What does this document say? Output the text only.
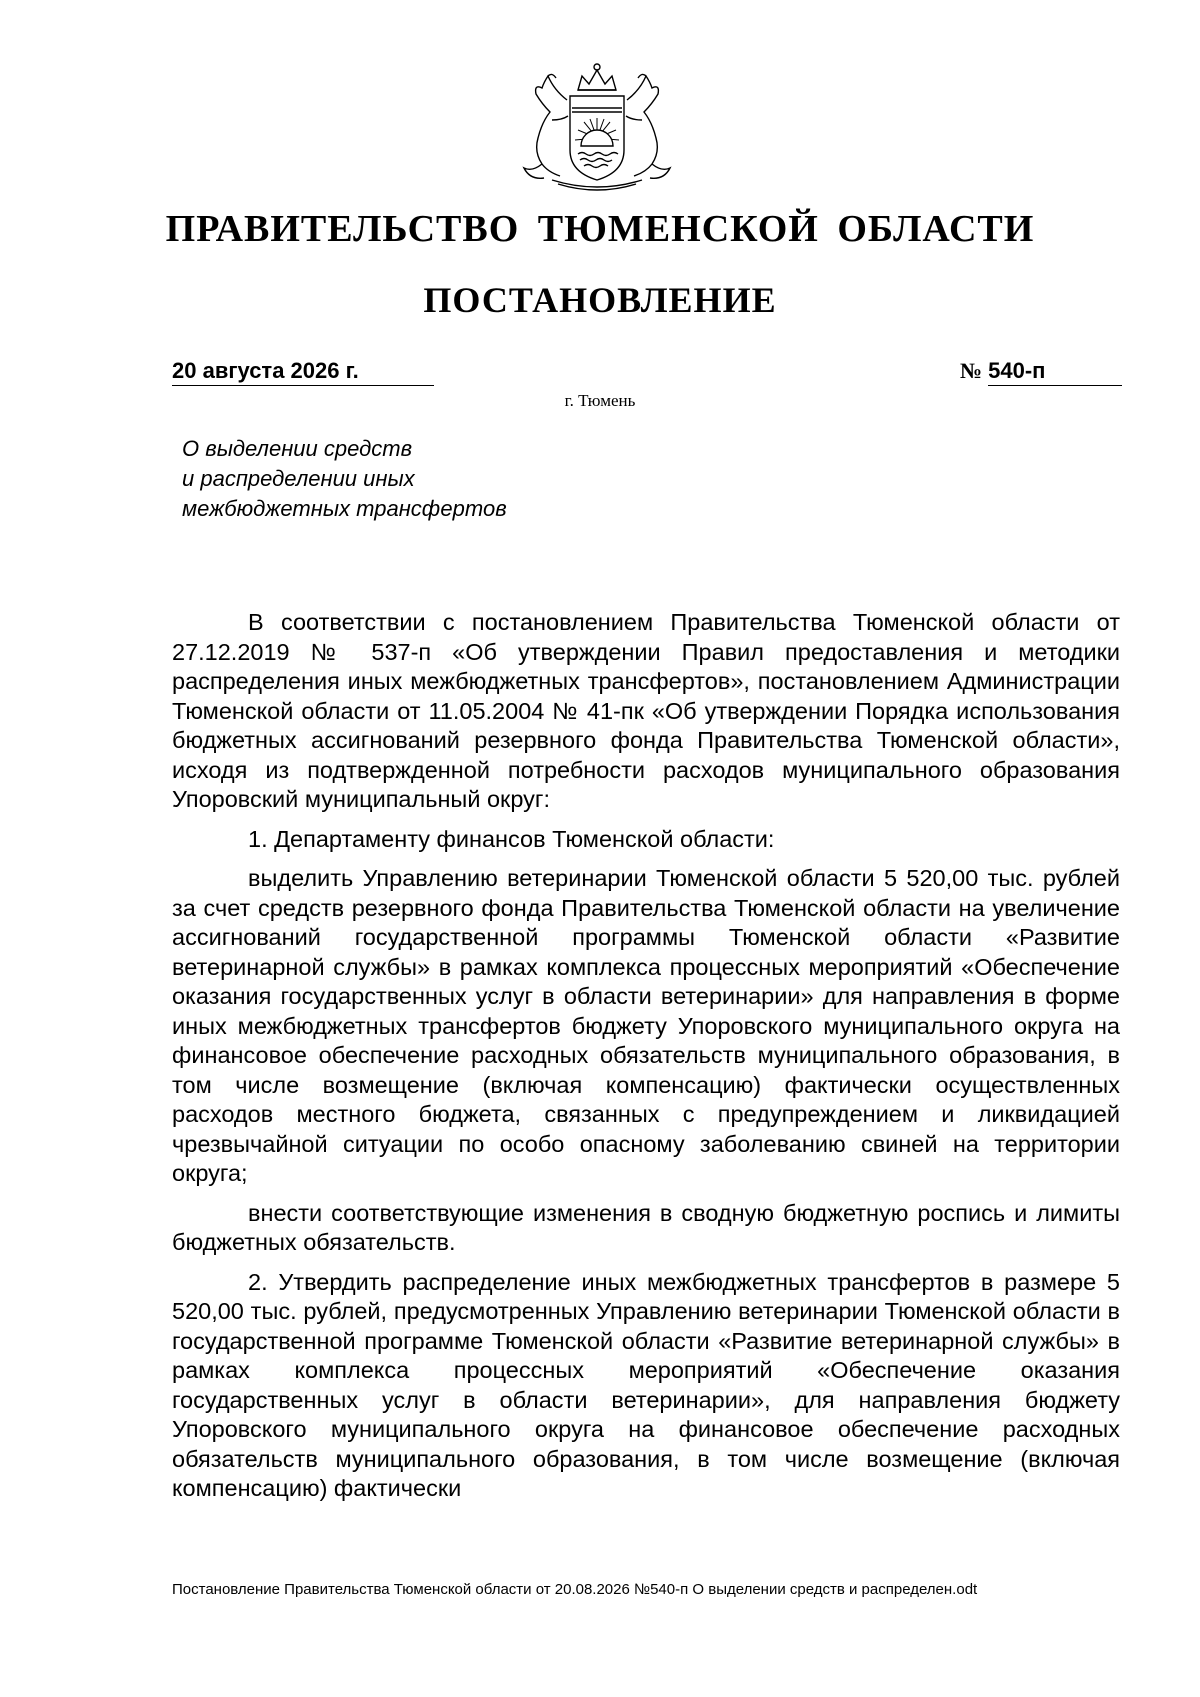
ПРАВИТЕЛЬСТВО ТЮМЕНСКОЙ ОБЛАСТИ
ПОСТАНОВЛЕНИЕ
20 августа 2026 г.	№ 540-п
г. Тюмень
О выделении средств
и распределении иных
межбюджетных трансфертов

В соответствии с постановлением Правительства Тюменской области от 27.12.2019 № 537-п «Об утверждении Правил предоставления и методики распределения иных межбюджетных трансфертов», постановлением Администрации Тюменской области от 11.05.2004 № 41-пк «Об утверждении Порядка использования бюджетных ассигнований резервного фонда Правительства Тюменской области», исходя из подтвержденной потребности расходов муниципального образования Упоровский муниципальный округ:

1. Департаменту финансов Тюменской области:

выделить Управлению ветеринарии Тюменской области 5 520,00 тыс. рублей за счет средств резервного фонда Правительства Тюменской области на увеличение ассигнований государственной программы Тюменской области «Развитие ветеринарной службы» в рамках комплекса процессных мероприятий «Обеспечение оказания государственных услуг в области ветеринарии» для направления в форме иных межбюджетных трансфертов бюджету Упоровского муниципального округа на финансовое обеспечение расходных обязательств муниципального образования, в том числе возмещение (включая компенсацию) фактически осуществленных расходов местного бюджета, связанных с предупреждением и ликвидацией чрезвычайной ситуации по особо опасному заболеванию свиней на территории округа;

внести соответствующие изменения в сводную бюджетную роспись и лимиты бюджетных обязательств.

2. Утвердить распределение иных межбюджетных трансфертов в размере 5 520,00 тыс. рублей, предусмотренных Управлению ветеринарии Тюменской области в государственной программе Тюменской области «Развитие ветеринарной службы» в рамках комплекса процессных мероприятий «Обеспечение оказания государственных услуг в области ветеринарии», для направления бюджету Упоровского муниципального округа на финансовое обеспечение расходных обязательств муниципального образования, в том числе возмещение (включая компенсацию) фактически

Постановление Правительства Тюменской области от 20.08.2026 №540-п О выделении средств и распределен.odt
